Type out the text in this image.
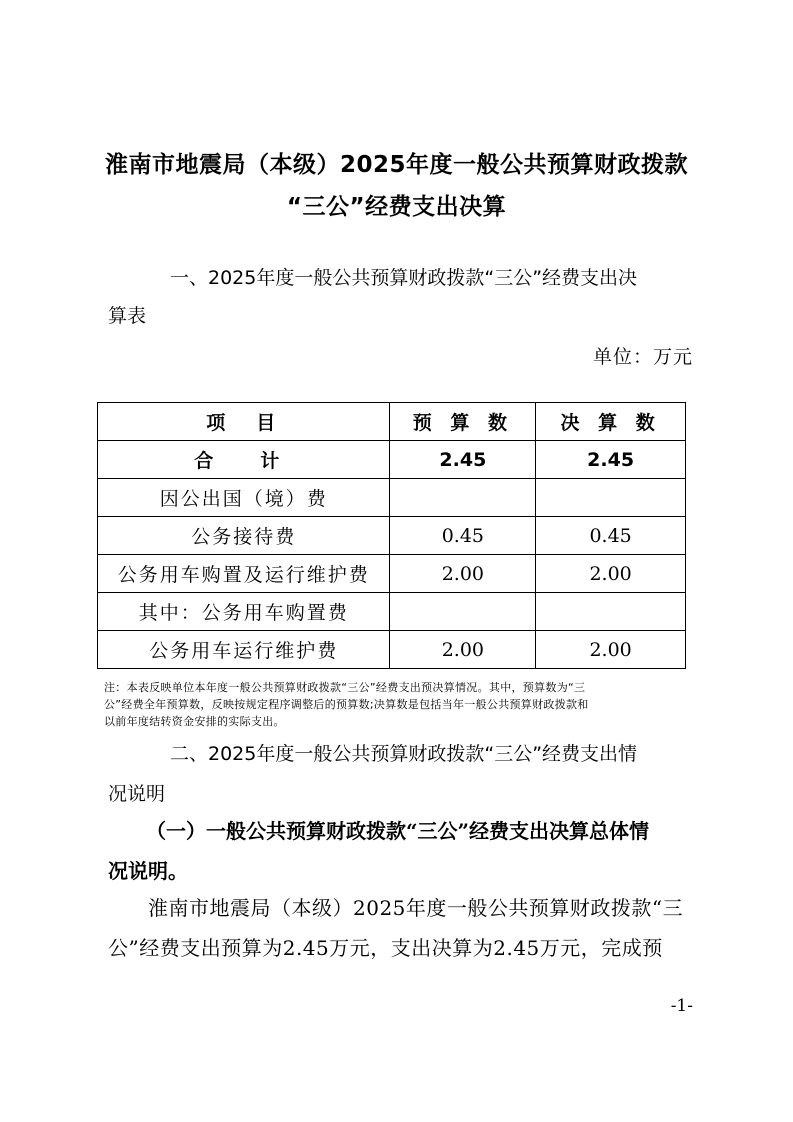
淮南市地震局（本级）2025年度一般公共预算财政拨款
“三公”经费支出决算
一、2025年度一般公共预算财政拨款“三公”经费支出决
算表
单位：万元
项　目	预 算 数	决 算 数
合　计	2.45	2.45
因公出国（境）费		
公务接待费	0.45	0.45
公务用车购置及运行维护费	2.00	2.00
其中：公务用车购置费		
公务用车运行维护费	2.00	2.00
注：本表反映单位本年度一般公共预算财政拨款“三公”经费支出预决算情况。其中，预算数为“三
公”经费全年预算数，反映按规定程序调整后的预算数;决算数是包括当年一般公共预算财政拨款和
以前年度结转资金安排的实际支出。
二、2025年度一般公共预算财政拨款“三公”经费支出情
况说明
（一）一般公共预算财政拨款“三公”经费支出决算总体情
况说明。
淮南市地震局（本级）2025年度一般公共预算财政拨款“三
公”经费支出预算为2.45万元，支出决算为2.45万元，完成预
-1-
